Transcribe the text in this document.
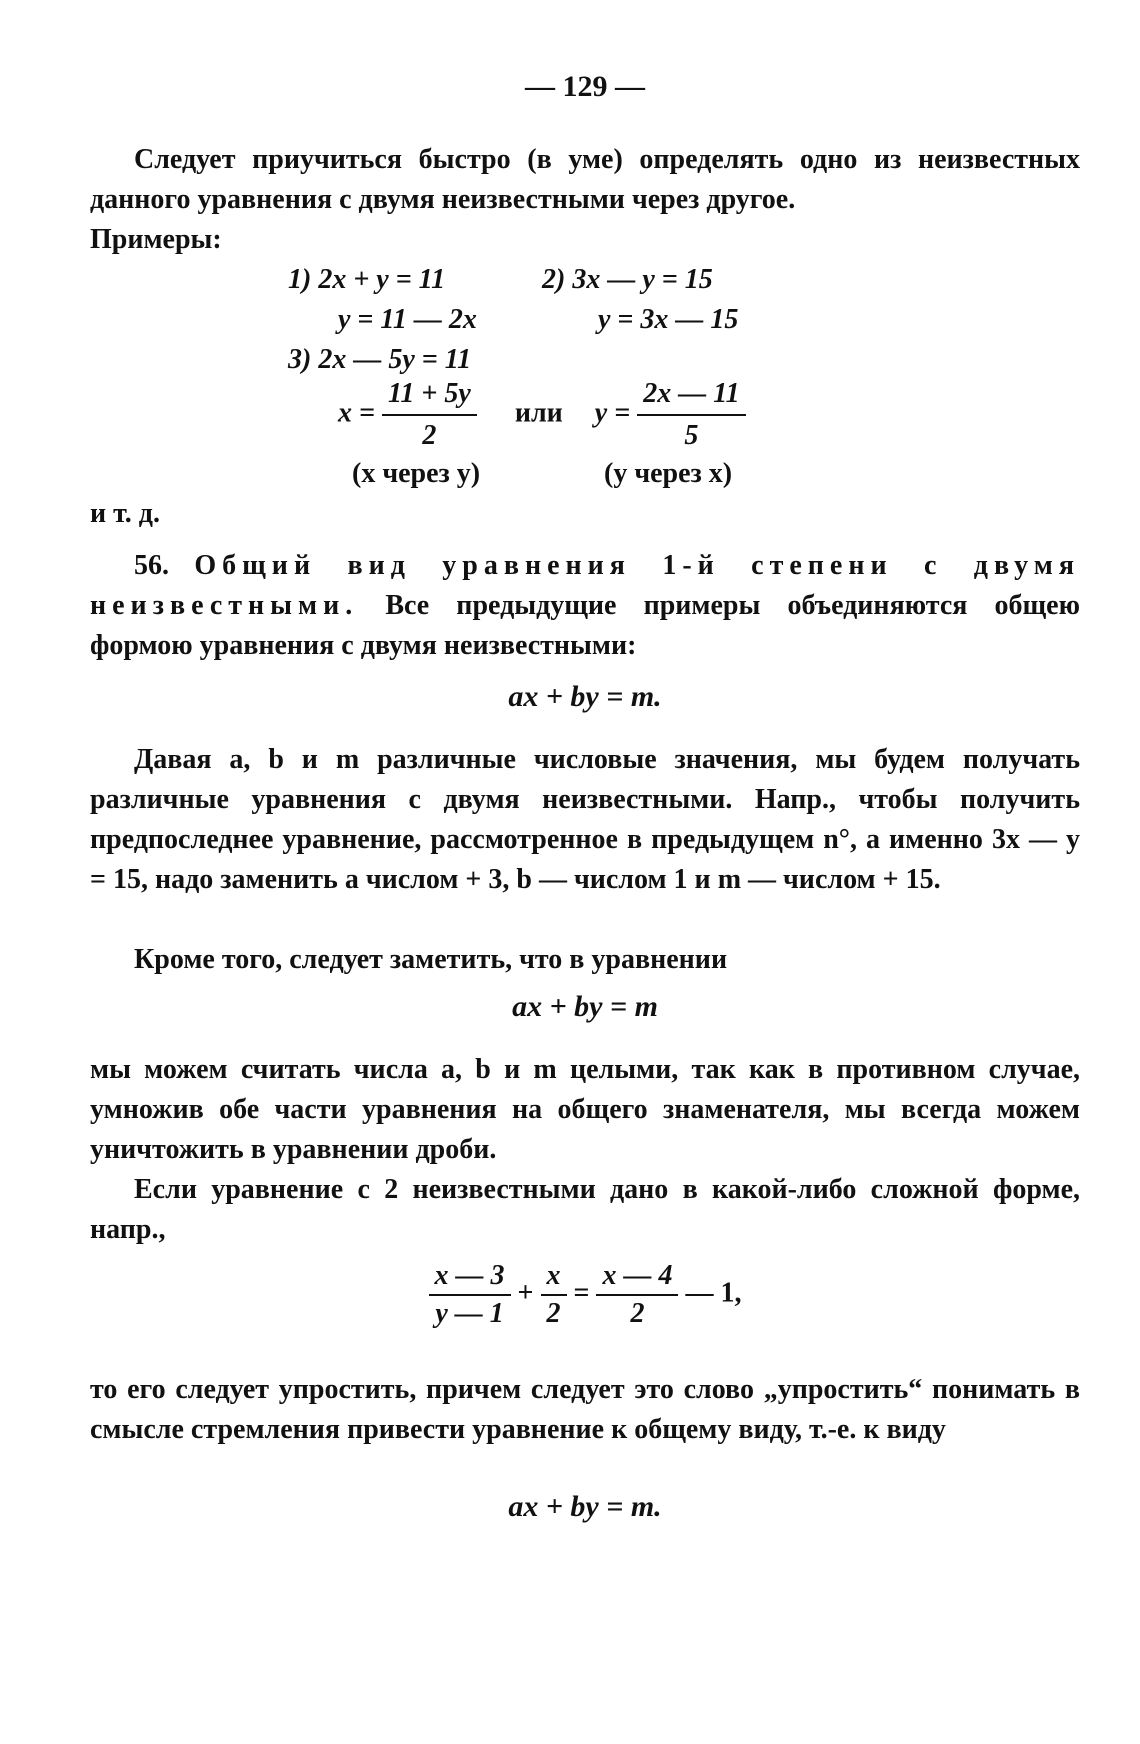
— 129 —

Следует приучиться быстро (в уме) определять одно из неизвестных данного уравнения с двумя неизвестными через другое.
Примеры:

1) 2x + y = 11	2) 3x — y = 15
y = 11 — 2x	y = 3x — 15
3) 2x — 5y = 11
$x = \frac{11 + 5y}{2}$ или $y = \frac{2x — 11}{5}$
(x через y)	(y через x)
и т. д.

56. Общий вид уравнения 1-й степени с двумя неизвестными. Все предыдущие примеры объединяются общею формою уравнения с двумя неизвестными:

ax + by = m.

Давая a, b и m различные числовые значения, мы будем получать различные уравнения с двумя неизвестными. Напр., чтобы получить предпоследнее уравнение, рассмотренное в предыдущем n°, а именно 3x — y = 15, надо заменить a числом + 3, b — числом 1 и m — числом + 15.

Кроме того, следует заметить, что в уравнении

ax + by = m

мы можем считать числа a, b и m целыми, так как в противном случае, умножив обе части уравнения на общего знаменателя, мы всегда можем уничтожить в уравнении дроби.

Если уравнение с 2 неизвестными дано в какой-либо сложной форме, напр.,

$\frac{x — 3}{y — 1} + \frac{x}{2} = \frac{x — 4}{2}$ — 1,

то его следует упростить, причем следует это слово „упростить“ понимать в смысле стремления привести уравнение к общему виду, т.-е. к виду

ax + by = m.
